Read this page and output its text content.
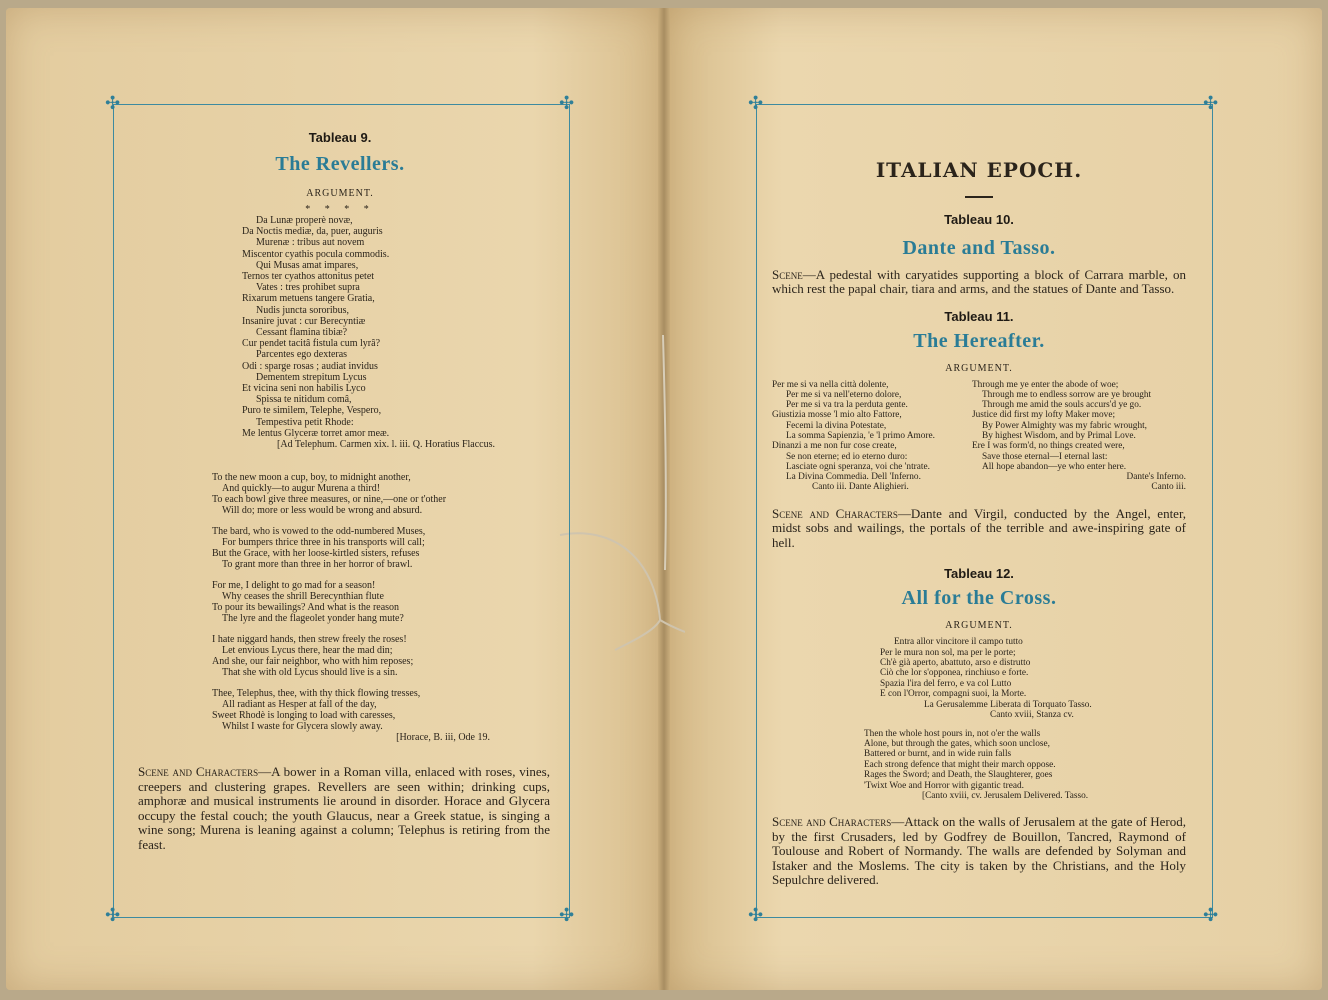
✣	✣
✣	✣
Tableau 9.
The Revellers.
ARGUMENT.
* * * *
Da Lunæ properè novæ,
Da Noctis mediæ, da, puer, auguris
Murenæ : tribus aut novem
Miscentor cyathis pocula commodis.
Qui Musas amat impares,
Ternos ter cyathos attonitus petet
Vates : tres prohibet supra
Rixarum metuens tangere Gratia,
Nudis juncta sororibus,
Insanire juvat : cur Berecyntiæ
Cessant flamina tibiæ?
Cur pendet tacitâ fistula cum lyrâ?
Parcentes ego dexteras
Odi : sparge rosas ; audiat invidus
Dementem strepitum Lycus
Et vicina seni non habilis Lyco
Spissa te nitidum comâ,
Puro te similem, Telephe, Vespero,
Tempestiva petit Rhode:
Me lentus Glyceræ torret amor meæ.
[Ad Telephum. Carmen xix. l. iii. Q. Horatius Flaccus.
To the new moon a cup, boy, to midnight another,
And quickly—to augur Murena a third!
To each bowl give three measures, or nine,—one or t'other
Will do; more or less would be wrong and absurd.
The bard, who is vowed to the odd-numbered Muses,
For bumpers thrice three in his transports will call;
But the Grace, with her loose-kirtled sisters, refuses
To grant more than three in her horror of brawl.
For me, I delight to go mad for a season!
Why ceases the shrill Berecynthian flute
To pour its bewailings? And what is the reason
The lyre and the flageolet yonder hang mute?
I hate niggard hands, then strew freely the roses!
Let envious Lycus there, hear the mad din;
And she, our fair neighbor, who with him reposes;
That she with old Lycus should live is a sin.
Thee, Telephus, thee, with thy thick flowing tresses,
All radiant as Hesper at fall of the day,
Sweet Rhodè is longing to load with caresses,
Whilst I waste for Glycera slowly away.
[Horace, B. iii, Ode 19.
Scene and Characters—A bower in a Roman villa, enlaced with roses, vines, creepers and clustering grapes. Revellers are seen within; drinking cups, amphoræ and musical instruments lie around in disorder. Horace and Glycera occupy the festal couch; the youth Glaucus, near a Greek statue, is singing a wine song; Murena is leaning against a column; Telephus is retiring from the feast.
✣	✣
✣	✣
ITALIAN EPOCH.
Tableau 10.
Dante and Tasso.
Scene—A pedestal with caryatides supporting a block of Carrara marble, on which rest the papal chair, tiara and arms, and the statues of Dante and Tasso.
Tableau 11.
The Hereafter.
ARGUMENT.
Per me si va nella città dolente,
Per me si va nell'eterno dolore,
Per me si va tra la perduta gente.
Giustizia mosse 'l mio alto Fattore,
Fecemi la divina Potestate,
La somma Sapienzia, 'e 'l primo Amore.
Dinanzi a me non fur cose create,
Se non eterne; ed io eterno duro:
Lasciate ogni speranza, voi che 'ntrate.
La Divina Commedia. Dell 'Inferno.
Canto iii. Dante Alighieri.
Through me ye enter the abode of woe;
Through me to endless sorrow are ye brought
Through me amid the souls accurs'd ye go.
Justice did first my lofty Maker move;
By Power Almighty was my fabric wrought,
By highest Wisdom, and by Primal Love.
Ere I was form'd, no things created were,
Save those eternal—I eternal last:
All hope abandon—ye who enter here.
Dante's Inferno.
Canto iii.
Scene and Characters—Dante and Virgil, conducted by the Angel, enter, midst sobs and wailings, the portals of the terrible and awe-inspiring gate of hell.
Tableau 12.
All for the Cross.
ARGUMENT.
Entra allor vincitore il campo tutto
Per le mura non sol, ma per le porte;
Ch'è già aperto, abattuto, arso e distrutto
Ciò che lor s'opponea, rinchiuso e forte.
Spazia l'ira del ferro, e va col Lutto
E con l'Orror, compagni suoi, la Morte.
La Gerusalemme Liberata di Torquato Tasso.
Canto xviii, Stanza cv.
Then the whole host pours in, not o'er the walls
Alone, but through the gates, which soon unclose,
Battered or burnt, and in wide ruin falls
Each strong defence that might their march oppose.
Rages the Sword; and Death, the Slaughterer, goes
'Twixt Woe and Horror with gigantic tread.
[Canto xviii, cv. Jerusalem Delivered. Tasso.
Scene and Characters—Attack on the walls of Jerusalem at the gate of Herod, by the first Crusaders, led by Godfrey de Bouillon, Tancred, Raymond of Toulouse and Robert of Normandy. The walls are defended by Solyman and Istaker and the Moslems. The city is taken by the Christians, and the Holy Sepulchre delivered.
